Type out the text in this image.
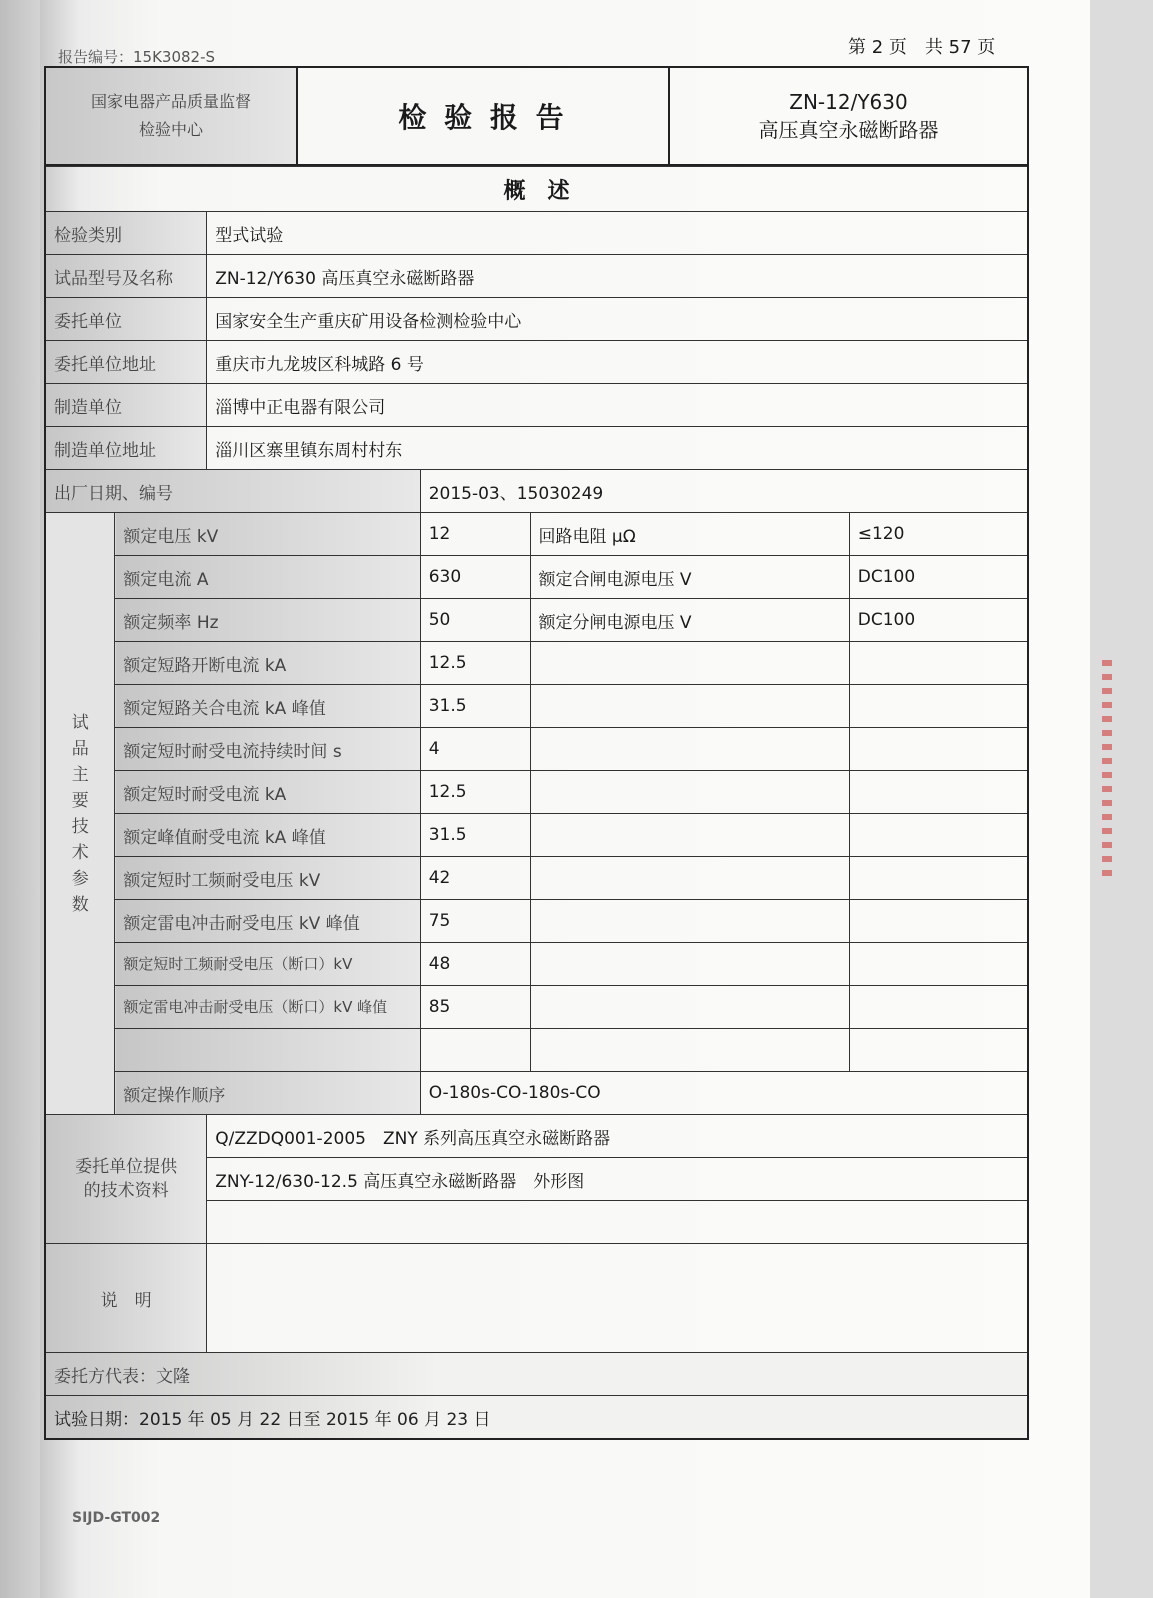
报告编号：15K3082-S	第 2 页　共 57 页
国家电器产品质量监督
检验中心	检 验 报 告	ZN-12/Y630
高压真空永磁断路器
概　述					
检验类别		型式试验			
试品型号及名称		ZN-12/Y630 高压真空永磁断路器			
委托单位		国家安全生产重庆矿用设备检测检验中心			
委托单位地址		重庆市九龙坡区科城路 6 号			
制造单位		淄博中正电器有限公司			
制造单位地址		淄川区寨里镇东周村村东			
出厂日期、编号			2015-03、15030249		

试品主要技术参数	额定电压 kV		12	回路电阻 μΩ	≤120
	额定电流 A		630	额定合闸电源电压 V	DC100
	额定频率 Hz		50	额定分闸电源电压 V	DC100
	额定短路开断电流 kA		12.5		
	额定短路关合电流 kA 峰值		31.5		
	额定短时耐受电流持续时间 s		4		
	额定短时耐受电流 kA		12.5		
	额定峰值耐受电流 kA 峰值		31.5		
	额定短时工频耐受电压 kV		42		
	额定雷电冲击耐受电压 kV 峰值		75		
	额定短时工频耐受电压（断口）kV		48		
	额定雷电冲击耐受电压（断口）kV 峰值		85		

	额定操作顺序		O-180s-CO-180s-CO		
委托单位提供的技术资料		Q/ZZDQ001-2005　ZNY 系列高压真空永磁断路器			
		ZNY-12/630-12.5 高压真空永磁断路器　外形图			

说　明					
委托方代表：文隆					
试验日期：2015 年 05 月 22 日至 2015 年 06 月 23 日					
SIJD-GT002
